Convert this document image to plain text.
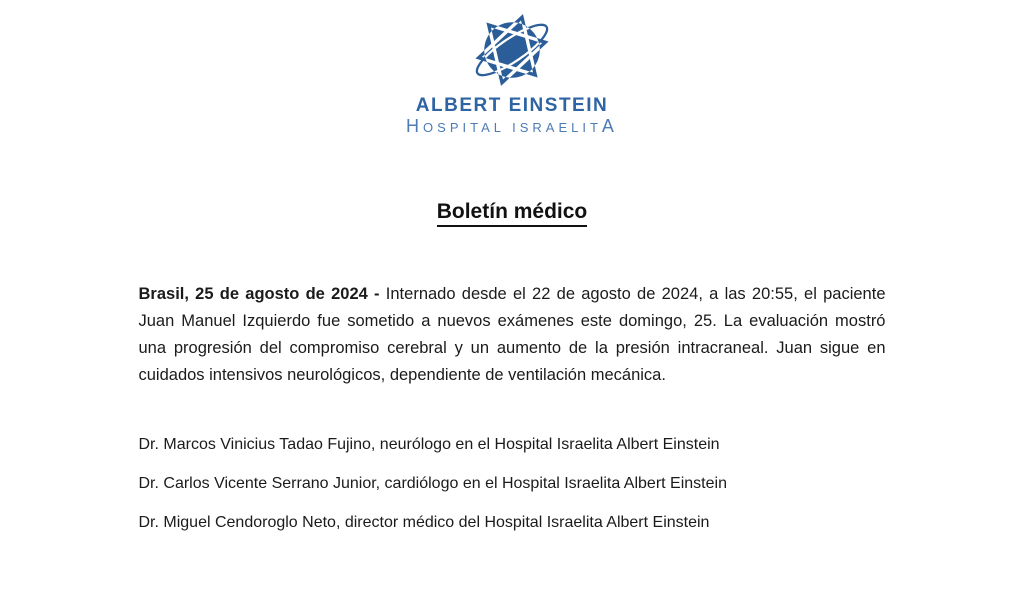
ALBERT EINSTEIN
HOSPITAL ISRAELITA
Boletín médico

Brasil, 25 de agosto de 2024 - Internado desde el 22 de agosto de 2024, a las 20:55, el paciente Juan Manuel Izquierdo fue sometido a nuevos exámenes este domingo, 25. La evaluación mostró una progresión del compromiso cerebral y un aumento de la presión intracraneal. Juan sigue en cuidados intensivos neurológicos, dependiente de ventilación mecánica.

Dr. Marcos Vinicius Tadao Fujino, neurólogo en el Hospital Israelita Albert Einstein

Dr. Carlos Vicente Serrano Junior, cardiólogo en el Hospital Israelita Albert Einstein

Dr. Miguel Cendoroglo Neto, director médico del Hospital Israelita Albert Einstein
